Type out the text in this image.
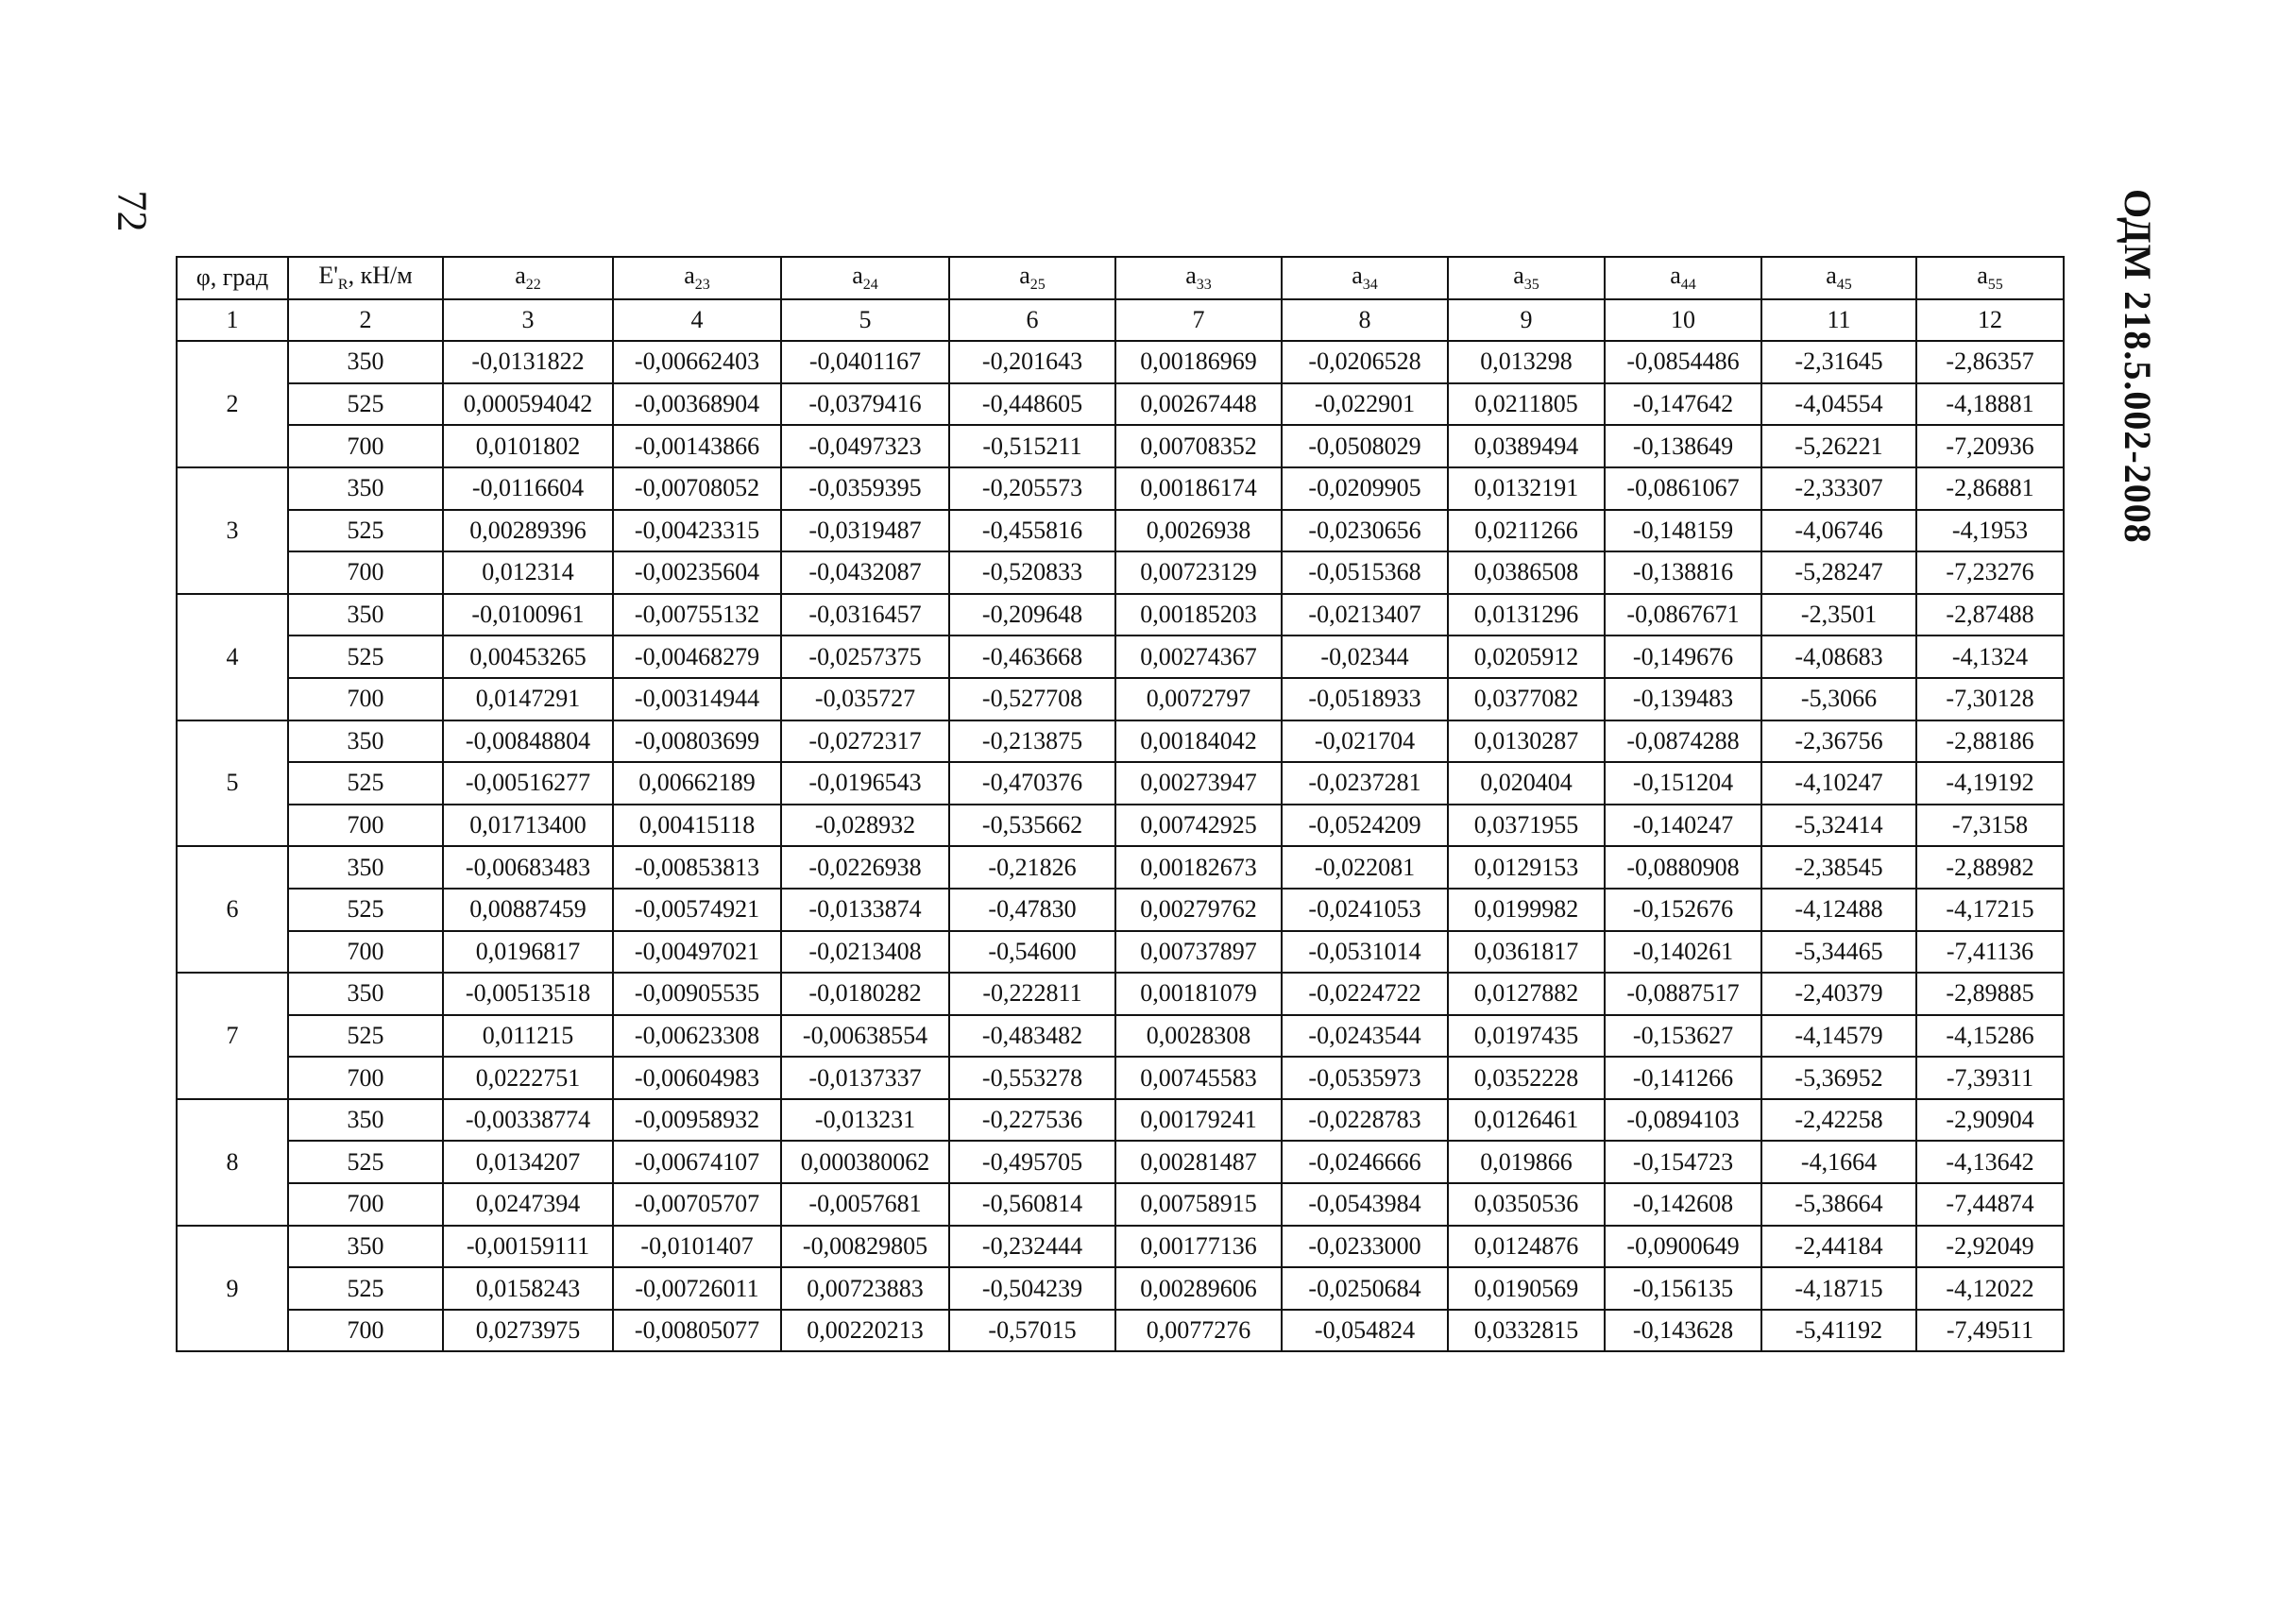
72	ОДМ 218.5.002-2008
φ, град	$E'_R$, кН/м	$a_{22}$	$a_{23}$	$a_{24}$	$a_{25}$	$a_{33}$	$a_{34}$	$a_{35}$	$a_{44}$	$a_{45}$	$a_{55}$
1	2	3	4	5	6	7	8	9	10	11	12
2	350	-0,0131822	-0,00662403	-0,0401167	-0,201643	0,00186969	-0,0206528	0,013298	-0,0854486	-2,31645	-2,86357
	525	0,000594042	-0,00368904	-0,0379416	-0,448605	0,00267448	-0,022901	0,0211805	-0,147642	-4,04554	-4,18881
	700	0,0101802	-0,00143866	-0,0497323	-0,515211	0,00708352	-0,0508029	0,0389494	-0,138649	-5,26221	-7,20936
3	350	-0,0116604	-0,00708052	-0,0359395	-0,205573	0,00186174	-0,0209905	0,0132191	-0,0861067	-2,33307	-2,86881
	525	0,00289396	-0,00423315	-0,0319487	-0,455816	0,0026938	-0,0230656	0,0211266	-0,148159	-4,06746	-4,1953
	700	0,012314	-0,00235604	-0,0432087	-0,520833	0,00723129	-0,0515368	0,0386508	-0,138816	-5,28247	-7,23276
4	350	-0,0100961	-0,00755132	-0,0316457	-0,209648	0,00185203	-0,0213407	0,0131296	-0,0867671	-2,3501	-2,87488
	525	0,00453265	-0,00468279	-0,0257375	-0,463668	0,00274367	-0,02344	0,0205912	-0,149676	-4,08683	-4,1324
	700	0,0147291	-0,00314944	-0,035727	-0,527708	0,0072797	-0,0518933	0,0377082	-0,139483	-5,3066	-7,30128
5	350	-0,00848804	-0,00803699	-0,0272317	-0,213875	0,00184042	-0,021704	0,0130287	-0,0874288	-2,36756	-2,88186
	525	-0,00516277	0,00662189	-0,0196543	-0,470376	0,00273947	-0,0237281	0,020404	-0,151204	-4,10247	-4,19192
	700	0,01713400	0,00415118	-0,028932	-0,535662	0,00742925	-0,0524209	0,0371955	-0,140247	-5,32414	-7,3158
6	350	-0,00683483	-0,00853813	-0,0226938	-0,21826	0,00182673	-0,022081	0,0129153	-0,0880908	-2,38545	-2,88982
	525	0,00887459	-0,00574921	-0,0133874	-0,47830	0,00279762	-0,0241053	0,0199982	-0,152676	-4,12488	-4,17215
	700	0,0196817	-0,00497021	-0,0213408	-0,54600	0,00737897	-0,0531014	0,0361817	-0,140261	-5,34465	-7,41136
7	350	-0,00513518	-0,00905535	-0,0180282	-0,222811	0,00181079	-0,0224722	0,0127882	-0,0887517	-2,40379	-2,89885
	525	0,011215	-0,00623308	-0,00638554	-0,483482	0,0028308	-0,0243544	0,0197435	-0,153627	-4,14579	-4,15286
	700	0,0222751	-0,00604983	-0,0137337	-0,553278	0,00745583	-0,0535973	0,0352228	-0,141266	-5,36952	-7,39311
8	350	-0,00338774	-0,00958932	-0,013231	-0,227536	0,00179241	-0,0228783	0,0126461	-0,0894103	-2,42258	-2,90904
	525	0,0134207	-0,00674107	0,000380062	-0,495705	0,00281487	-0,0246666	0,019866	-0,154723	-4,1664	-4,13642
	700	0,0247394	-0,00705707	-0,0057681	-0,560814	0,00758915	-0,0543984	0,0350536	-0,142608	-5,38664	-7,44874
9	350	-0,00159111	-0,0101407	-0,00829805	-0,232444	0,00177136	-0,0233000	0,0124876	-0,0900649	-2,44184	-2,92049
	525	0,0158243	-0,00726011	0,00723883	-0,504239	0,00289606	-0,0250684	0,0190569	-0,156135	-4,18715	-4,12022
	700	0,0273975	-0,00805077	0,00220213	-0,57015	0,0077276	-0,054824	0,0332815	-0,143628	-5,41192	-7,49511
